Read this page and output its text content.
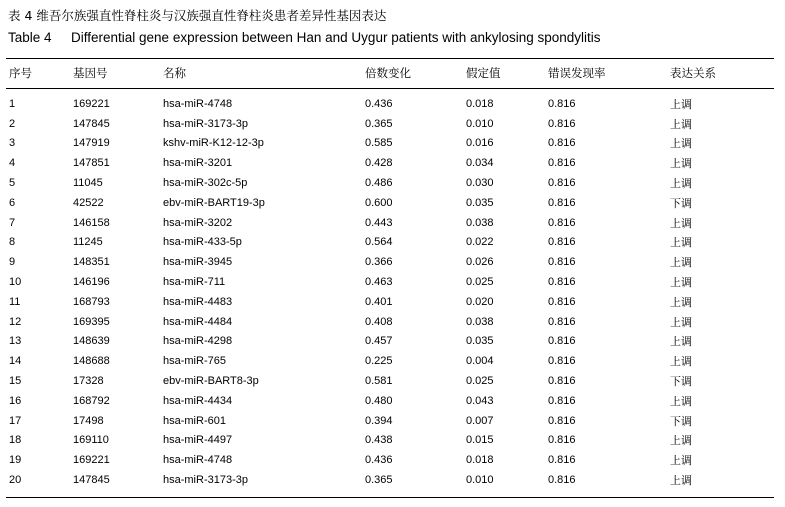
表 4 维吾尔族强直性脊柱炎与汉族强直性脊柱炎患者差异性基因表达
Table 4 Differential gene expression between Han and Uygur patients with ankylosing spondylitis
序号	基因号	名称	倍数变化	假定值	错误发现率	表达关系
1	169221	hsa-miR-4748	0.436	0.018	0.816	上调
2	147845	hsa-miR-3173-3p	0.365	0.010	0.816	上调
3	147919	kshv-miR-K12-12-3p	0.585	0.016	0.816	上调
4	147851	hsa-miR-3201	0.428	0.034	0.816	上调
5	11045	hsa-miR-302c-5p	0.486	0.030	0.816	上调
6	42522	ebv-miR-BART19-3p	0.600	0.035	0.816	下调
7	146158	hsa-miR-3202	0.443	0.038	0.816	上调
8	11245	hsa-miR-433-5p	0.564	0.022	0.816	上调
9	148351	hsa-miR-3945	0.366	0.026	0.816	上调
10	146196	hsa-miR-711	0.463	0.025	0.816	上调
11	168793	hsa-miR-4483	0.401	0.020	0.816	上调
12	169395	hsa-miR-4484	0.408	0.038	0.816	上调
13	148639	hsa-miR-4298	0.457	0.035	0.816	上调
14	148688	hsa-miR-765	0.225	0.004	0.816	上调
15	17328	ebv-miR-BART8-3p	0.581	0.025	0.816	下调
16	168792	hsa-miR-4434	0.480	0.043	0.816	上调
17	17498	hsa-miR-601	0.394	0.007	0.816	下调
18	169110	hsa-miR-4497	0.438	0.015	0.816	上调
19	169221	hsa-miR-4748	0.436	0.018	0.816	上调
20	147845	hsa-miR-3173-3p	0.365	0.010	0.816	上调
